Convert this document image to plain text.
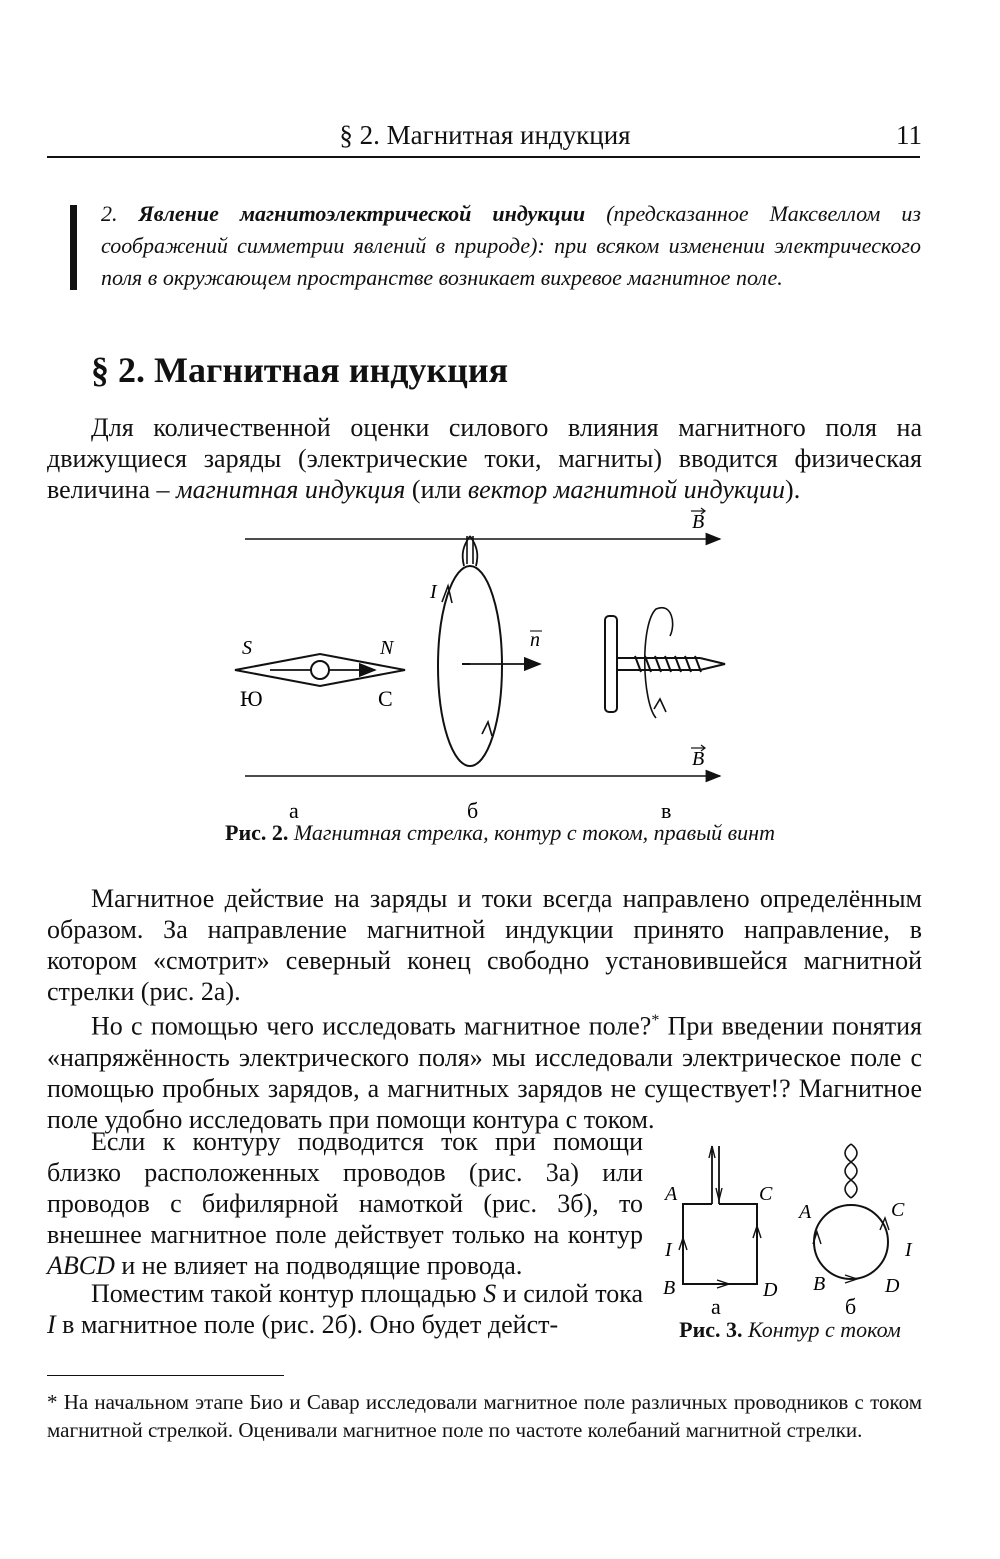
§ 2. Магнитная индукция	11
2. Явление магнитоэлектрической индукции (предсказанное Максвеллом из соображений симметрии явлений в природе): при всяком изменении электрического поля в окружающем пространстве возникает вихревое магнитное поле.
§ 2. Магнитная индукция
Для количественной оценки силового влияния магнитного поля на движущиеся заряды (электрические токи, магниты) вводится физическая величина – магнитная индукция (или вектор магнитной индукции).
B
S	N
Ю	С
I
n
B
а	б	в
Рис. 2. Магнитная стрелка, контур с током, правый винт
Магнитное действие на заряды и токи всегда направлено определённым образом. За направление магнитной индукции принято направление, в котором «смотрит» северный конец свободно установившейся магнитной стрелки (рис. 2а).
Но с помощью чего исследовать магнитное поле?* При введении понятия «напряжённость электрического поля» мы исследовали электрическое поле с помощью пробных зарядов, а магнитных зарядов не существует!? Магнитное поле удобно исследовать при помощи контура с током.
Если к контуру подводится ток при помощи близко расположенных проводов (рис. 3а) или проводов с бифилярной намоткой (рис. 3б), то внешнее магнитное поле действует только на контур ABCD и не влияет на подводящие провода.
Поместим такой контур площадью S и силой тока I в магнитное поле (рис. 2б). Оно будет дейст-
A	C
I
B	D
A	C
I
B	D
а	б
Рис. 3. Контур с током
* На начальном этапе Био и Савар исследовали магнитное поле различных проводников с током магнитной стрелкой. Оценивали магнитное поле по частоте колебаний магнитной стрелки.
